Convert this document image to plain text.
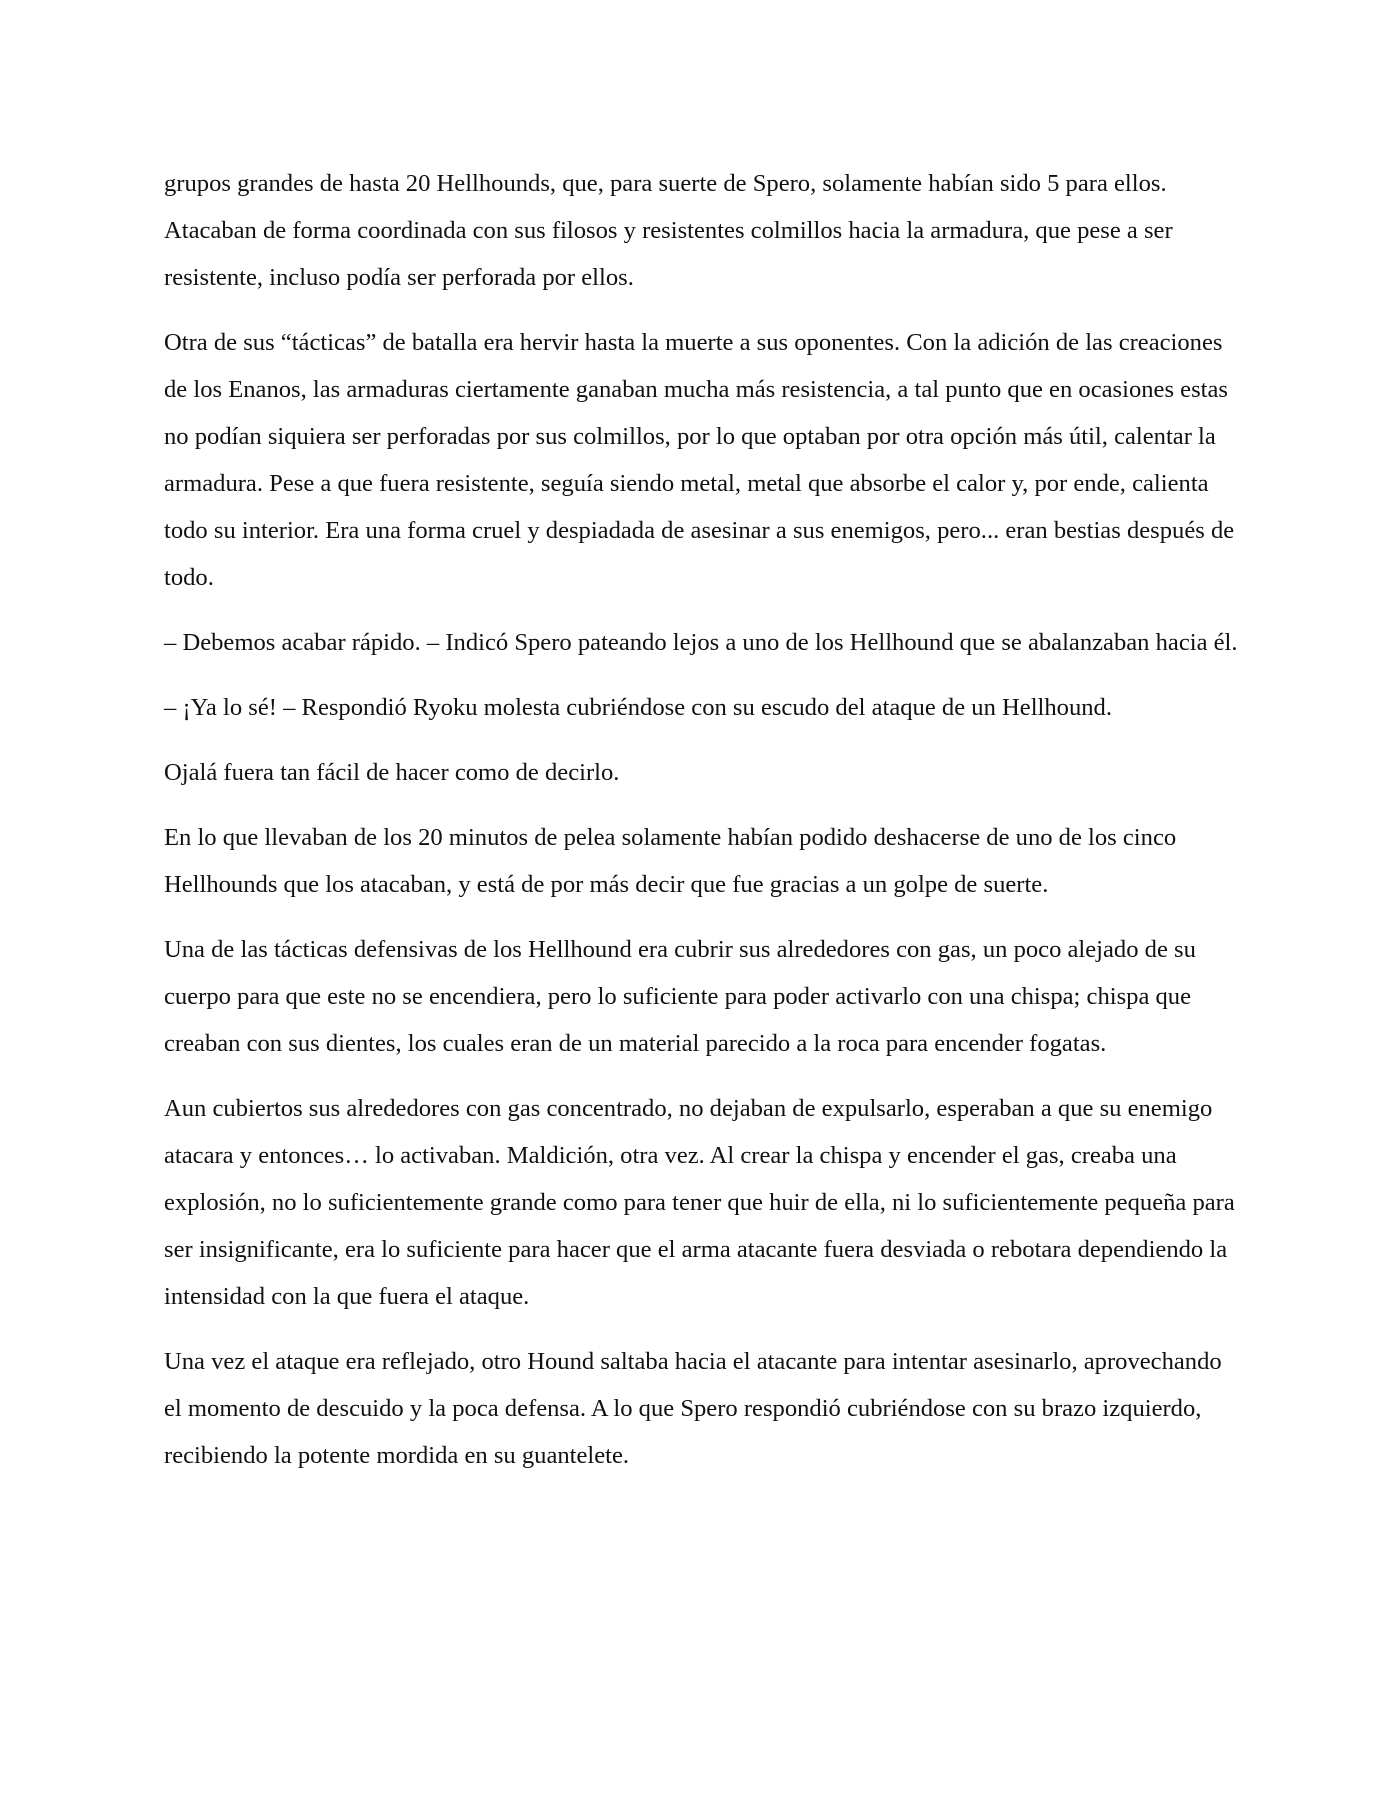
grupos grandes de hasta 20 Hellhounds, que, para suerte de Spero, solamente habían sido 5 para ellos. Atacaban de forma coordinada con sus filosos y resistentes colmillos hacia la armadura, que pese a ser resistente, incluso podía ser perforada por ellos.

Otra de sus “tácticas” de batalla era hervir hasta la muerte a sus oponentes. Con la adición de las creaciones de los Enanos, las armaduras ciertamente ganaban mucha más resistencia, a tal punto que en ocasiones estas no podían siquiera ser perforadas por sus colmillos, por lo que optaban por otra opción más útil, calentar la armadura. Pese a que fuera resistente, seguía siendo metal, metal que absorbe el calor y, por ende, calienta todo su interior. Era una forma cruel y despiadada de asesinar a sus enemigos, pero... eran bestias después de todo.

– Debemos acabar rápido. – Indicó Spero pateando lejos a uno de los Hellhound que se abalanzaban hacia él.

– ¡Ya lo sé! – Respondió Ryoku molesta cubriéndose con su escudo del ataque de un Hellhound.

Ojalá fuera tan fácil de hacer como de decirlo.

En lo que llevaban de los 20 minutos de pelea solamente habían podido deshacerse de uno de los cinco Hellhounds que los atacaban, y está de por más decir que fue gracias a un golpe de suerte.

Una de las tácticas defensivas de los Hellhound era cubrir sus alrededores con gas, un poco alejado de su cuerpo para que este no se encendiera, pero lo suficiente para poder activarlo con una chispa; chispa que creaban con sus dientes, los cuales eran de un material parecido a la roca para encender fogatas.

Aun cubiertos sus alrededores con gas concentrado, no dejaban de expulsarlo, esperaban a que su enemigo atacara y entonces… lo activaban. Maldición, otra vez. Al crear la chispa y encender el gas, creaba una explosión, no lo suficientemente grande como para tener que huir de ella, ni lo suficientemente pequeña para ser insignificante, era lo suficiente para hacer que el arma atacante fuera desviada o rebotara dependiendo la intensidad con la que fuera el ataque.

Una vez el ataque era reflejado, otro Hound saltaba hacia el atacante para intentar asesinarlo, aprovechando el momento de descuido y la poca defensa. A lo que Spero respondió cubriéndose con su brazo izquierdo, recibiendo la potente mordida en su guantelete.
